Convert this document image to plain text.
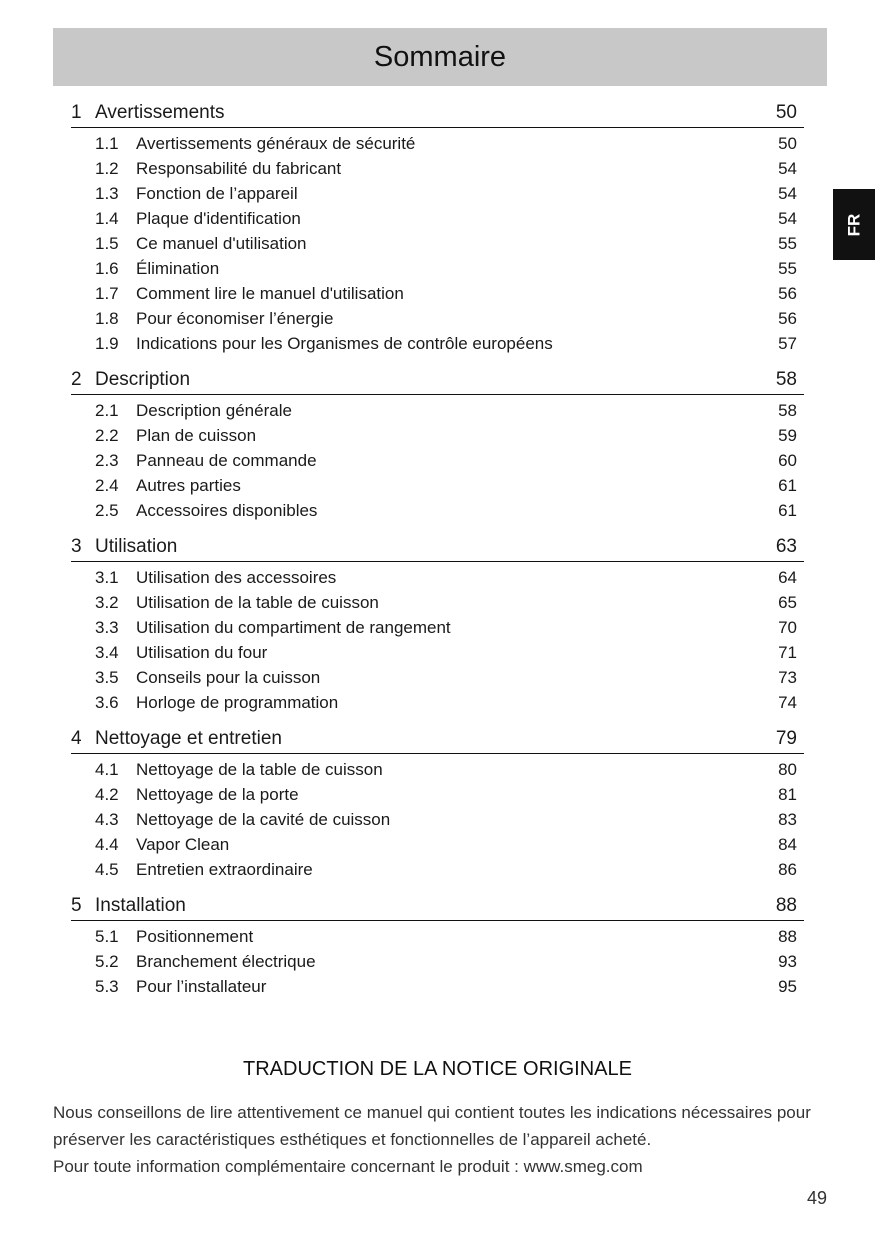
Sommaire
FR
1 Avertissements	50
1.1 Avertissements généraux de sécurité	50
1.2 Responsabilité du fabricant	54
1.3 Fonction de l’appareil	54
1.4 Plaque d'identification	54
1.5 Ce manuel d'utilisation	55
1.6 Élimination	55
1.7 Comment lire le manuel d'utilisation	56
1.8 Pour économiser l’énergie	56
1.9 Indications pour les Organismes de contrôle européens	57
2 Description	58
2.1 Description générale	58
2.2 Plan de cuisson	59
2.3 Panneau de commande	60
2.4 Autres parties	61
2.5 Accessoires disponibles	61
3 Utilisation	63
3.1 Utilisation des accessoires	64
3.2 Utilisation de la table de cuisson	65
3.3 Utilisation du compartiment de rangement	70
3.4 Utilisation du four	71
3.5 Conseils pour la cuisson	73
3.6 Horloge de programmation	74
4 Nettoyage et entretien	79
4.1 Nettoyage de la table de cuisson	80
4.2 Nettoyage de la porte	81
4.3 Nettoyage de la cavité de cuisson	83
4.4 Vapor Clean	84
4.5 Entretien extraordinaire	86
5 Installation	88
5.1 Positionnement	88
5.2 Branchement électrique	93
5.3 Pour l’installateur	95
TRADUCTION DE LA NOTICE ORIGINALE

Nous conseillons de lire attentivement ce manuel qui contient toutes les indications nécessaires pour préserver les caractéristiques esthétiques et fonctionnelles de l’appareil acheté.

Pour toute information complémentaire concernant le produit : www.smeg.com

49
